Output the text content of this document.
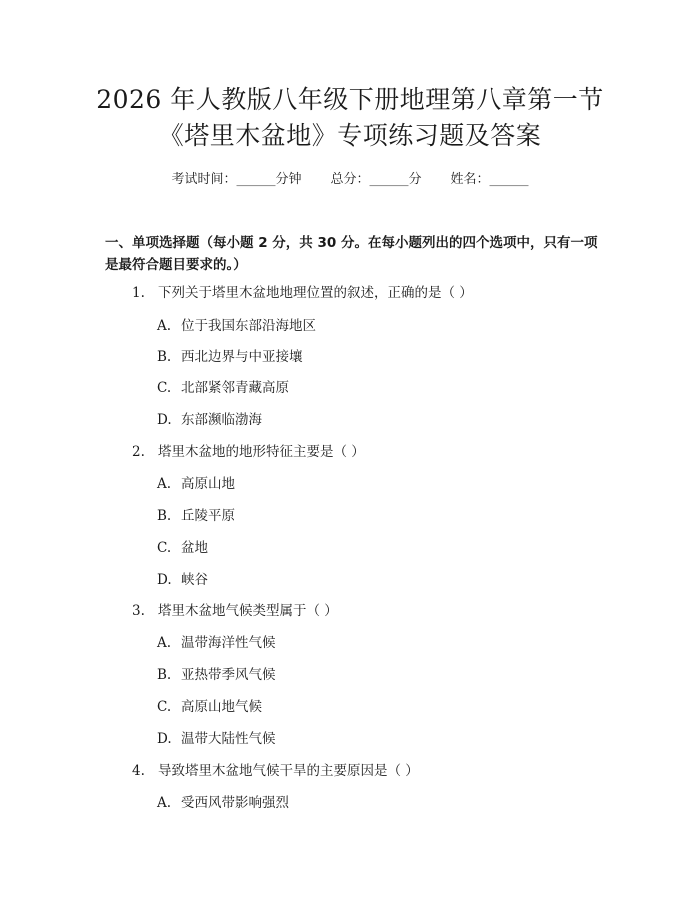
2026 年人教版八年级下册地理第八章第一节
《塔里木盆地》专项练习题及答案
考试时间：______分钟 总分：______分 姓名：______
一、单项选择题（每小题 2 分，共 30 分。在每小题列出的四个选项中，只有一项是最符合题目要求的。）
1. 下列关于塔里木盆地地理位置的叙述，正确的是（ ）
A. 位于我国东部沿海地区
B. 西北边界与中亚接壤
C. 北部紧邻青藏高原
D. 东部濒临渤海
2. 塔里木盆地的地形特征主要是（ ）
A. 高原山地
B. 丘陵平原
C. 盆地
D. 峡谷
3. 塔里木盆地气候类型属于（ ）
A. 温带海洋性气候
B. 亚热带季风气候
C. 高原山地气候
D. 温带大陆性气候
4. 导致塔里木盆地气候干旱的主要原因是（ ）
A. 受西风带影响强烈
